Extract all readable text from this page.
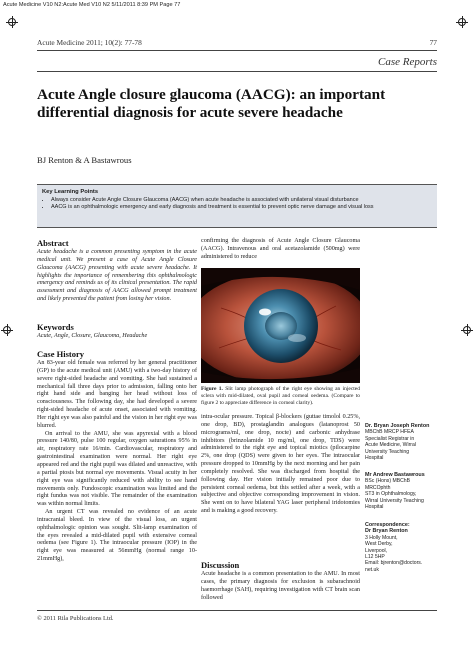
Acute Medicine V10 N2:Acute Med V10 N2 5/11/2011 8:39 PM Page 77
Acute Medicine 2011; 10(2): 77-78	77
Case Reports
Acute Angle closure glaucoma (AACG): an important differential diagnosis for acute severe headache
BJ Renton & A Bastawrous
Key Learning Points
• Always consider Acute Angle Closure Glaucoma (AACG) when acute headache is associated with unilateral visual disturbance
• AACG is an ophthalmologic emergency and early diagnosis and treatment is essential to prevent optic nerve damage and visual loss
Abstract

Acute headache is a common presenting symptom in the acute medical unit. We present a case of Acute Angle Closure Glaucoma (AACG) presenting with acute severe headache. It highlights the importance of remembering this ophthalmologic emergency and reminds us of its clinical presentation. The rapid assessment and diagnosis of AACG allowed prompt treatment and likely prevented the patient from losing her vision.

Keywords

Acute, Angle, Closure, Glaucoma, Headache

Case History

An 83-year old female was referred by her general practitioner (GP) to the acute medical unit (AMU) with a two-day history of severe right-sided headache and vomiting. She had sustained a mechanical fall three days prior to admission, falling onto her right hand side and banging her head without loss of consciousness. The following day, she had developed a severe right-sided headache of acute onset, associated with vomiting. Her right eye was also painful and the vision in her right eye was blurred.

On arrival to the AMU, she was apyrexial with a blood pressure 140/80, pulse 100 regular, oxygen saturations 95% in air, respiratory rate 16/min. Cardiovascular, respiratory and gastrointestinal examination were normal. Her right eye appeared red and the right pupil was dilated and unreactive, with a partial ptosis but normal eye movements. Visual acuity in her right eye was significantly reduced with ability to see hand movements only. Fundoscopic examination was limited and the right fundus was not visible. The remainder of the examination was within normal limits.

An urgent CT was revealed no evidence of an acute intracranial bleed. In view of the visual loss, an urgent ophthalmologic opinion was sought. Slit-lamp examination of the eyes revealed a mid-dilated pupil with extensive corneal oedema (see Figure 1). The intraocular pressure (IOP) in the right eye was measured at 56mmHg (normal range 10-21mmHg),

confirming the diagnosis of Acute Angle Closure Glaucoma (AACG). Intravenous and oral acetazolamide (500mg) were administered to reduce

Figure 1. Slit lamp photograph of the right eye showing an injected sclera with mid-dilated, oval pupil and corneal oedema. (Compare to figure 2 to appreciate difference in corneal clarity).

intra-ocular pressure. Topical β-blockers (guttae timolol 0.25%, one drop, BD), prostaglandin analogues (latanoprost 50 micrograms/ml, one drop, nocte) and carbonic anhydrase inhibitors (brinzolamide 10 mg/ml, one drop, TDS) were administered to the right eye and topical miotics (pilocarpine 2%, one drop (QDS) were given to her eyes. The intraocular pressure dropped to 10mmHg by the next morning and her pain completely resolved. She was discharged from hospital the following day. Her vision initially remained poor due to persistent corneal oedema, but this settled after a week, with a subjective and objective corresponding improvement in vision. She went on to have bilateral YAG laser peripheral iridotomies and is making a good recovery.

Discussion

Acute headache is a common presentation to the AMU. In most cases, the primary diagnosis for exclusion is subarachnoid haemorrhage (SAH), requiring investigation with CT brain scan followed

Dr. Bryan Joseph Renton
MBChB MRCP HFEA
Specialist Registrar in
Acute Medicine, Wirral
University Teaching
Hospital
Mr Andrew Bastawrous
BSc (Hons) MBChB
MRCOphth
ST3 in Ophthalmology,
Wirral University Teaching
Hospital
Correspondence:
Dr Bryan Renton
3 Holly Mount,
West Derby,
Liverpool,
L12 5HP
Email: bjrenton@doctors.
net.uk
© 2011 Rila Publications Ltd.
